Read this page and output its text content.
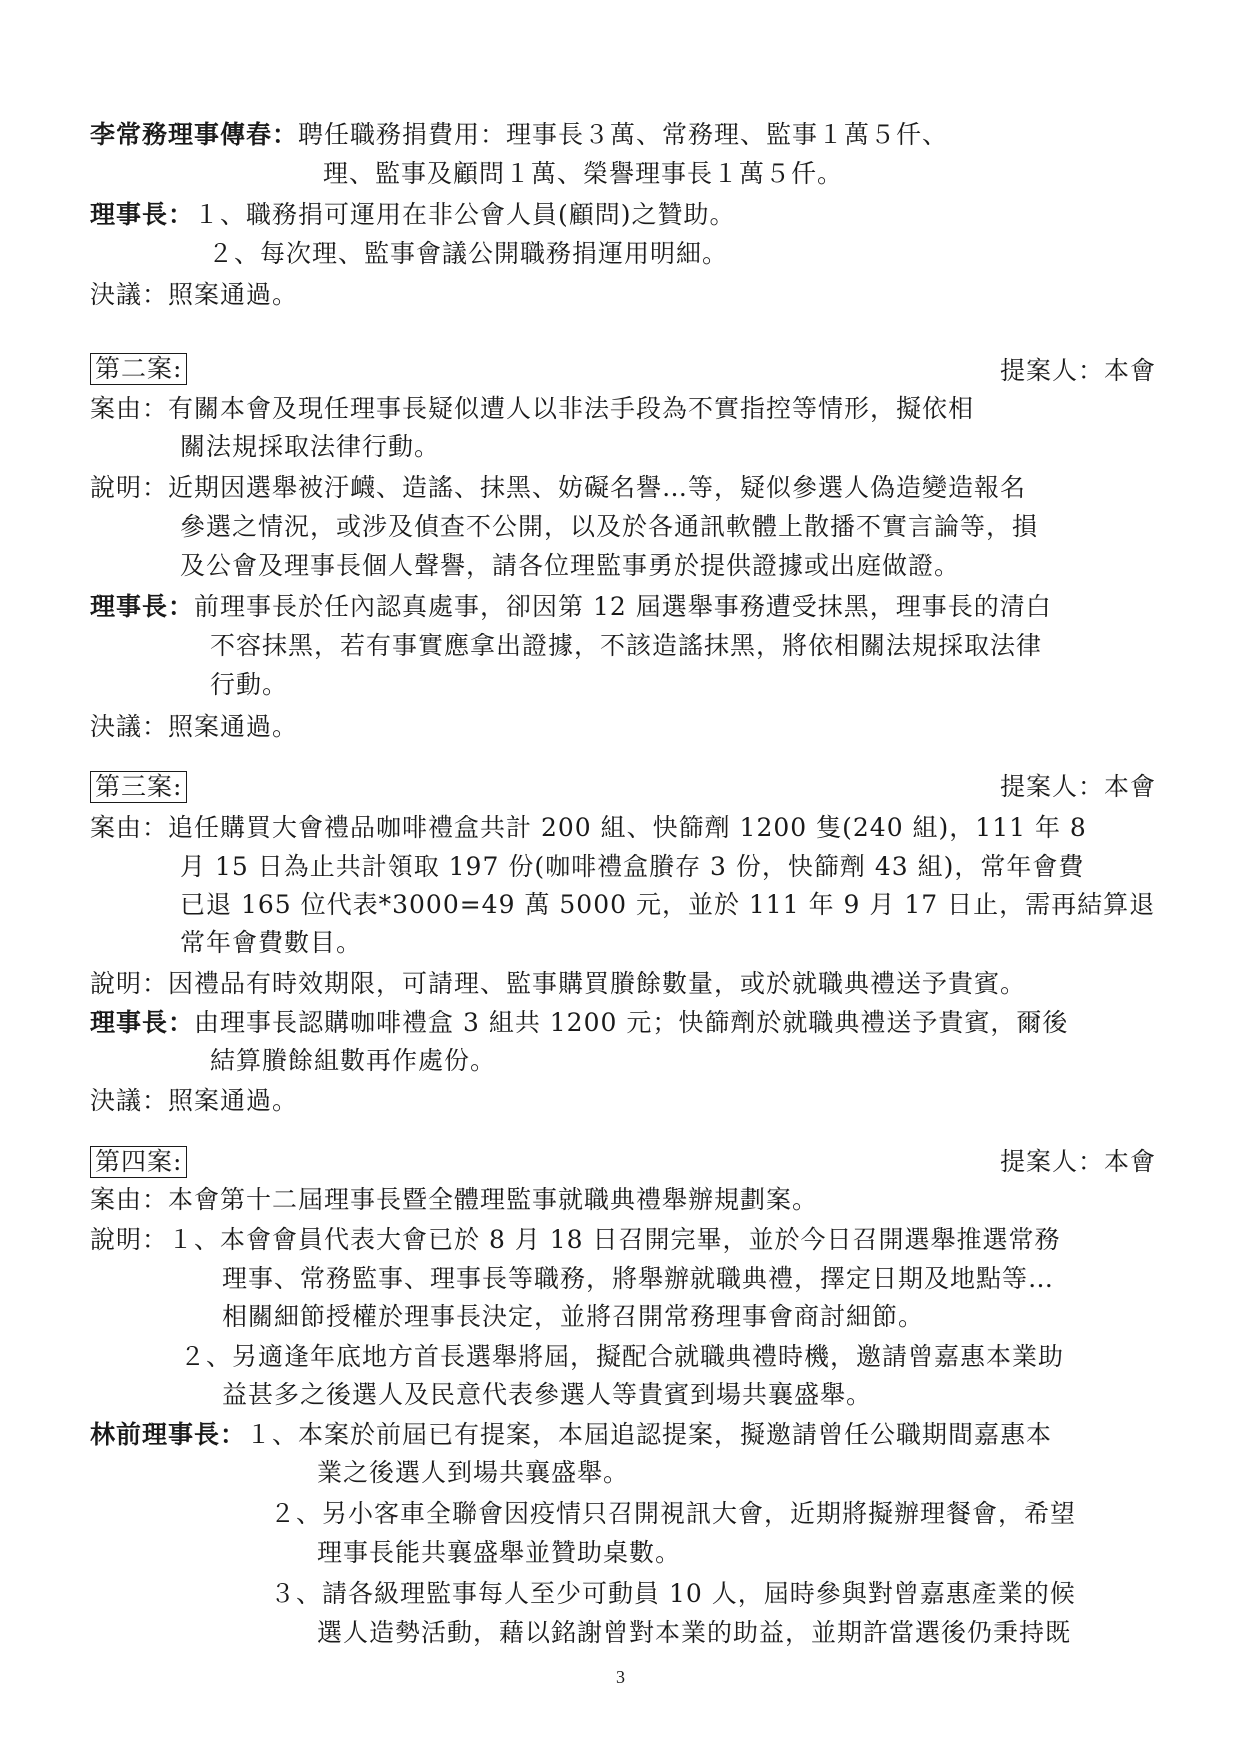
李常務理事傳春：聘任職務捐費用：理事長３萬、常務理、監事１萬５仟、
理、監事及顧問１萬、榮譽理事長１萬５仟。
理事長：１、職務捐可運用在非公會人員(顧問)之贊助。
２、每次理、監事會議公開職務捐運用明細。
決議：照案通過。
第二案:	提案人：本會
案由：有關本會及現任理事長疑似遭人以非法手段為不實指控等情形，擬依相
關法規採取法律行動。
說明：近期因選舉被汙衊、造謠、抹黑、妨礙名譽…等，疑似參選人偽造變造報名
參選之情況，或涉及偵查不公開，以及於各通訊軟體上散播不實言論等，損
及公會及理事長個人聲譽，請各位理監事勇於提供證據或出庭做證。
理事長：前理事長於任內認真處事，卻因第 12 屆選舉事務遭受抹黑，理事長的清白
不容抹黑，若有事實應拿出證據，不該造謠抹黑，將依相關法規採取法律
行動。
決議：照案通過。
第三案:	提案人：本會
案由：追任購買大會禮品咖啡禮盒共計 200 組、快篩劑 1200 隻(240 組)，111 年 8
月 15 日為止共計領取 197 份(咖啡禮盒賸存 3 份，快篩劑 43 組)，常年會費
已退 165 位代表*3000=49 萬 5000 元，並於 111 年 9 月 17 日止，需再結算退
常年會費數目。
說明：因禮品有時效期限，可請理、監事購買賸餘數量，或於就職典禮送予貴賓。
理事長：由理事長認購咖啡禮盒 3 組共 1200 元；快篩劑於就職典禮送予貴賓，爾後
結算賸餘組數再作處份。
決議：照案通過。
第四案:	提案人：本會
案由：本會第十二屆理事長暨全體理監事就職典禮舉辦規劃案。
說明：１、本會會員代表大會已於 8 月 18 日召開完畢，並於今日召開選舉推選常務
理事、常務監事、理事長等職務，將舉辦就職典禮，擇定日期及地點等…
相關細節授權於理事長決定，並將召開常務理事會商討細節。
２、另適逢年底地方首長選舉將屆，擬配合就職典禮時機，邀請曾嘉惠本業助
益甚多之後選人及民意代表參選人等貴賓到場共襄盛舉。
林前理事長：１、本案於前屆已有提案，本屆追認提案，擬邀請曾任公職期間嘉惠本
業之後選人到場共襄盛舉。
２、另小客車全聯會因疫情只召開視訊大會，近期將擬辦理餐會，希望
理事長能共襄盛舉並贊助桌數。
３、請各級理監事每人至少可動員 10 人，屆時參與對曾嘉惠產業的候
選人造勢活動，藉以銘謝曾對本業的助益，並期許當選後仍秉持既
3
